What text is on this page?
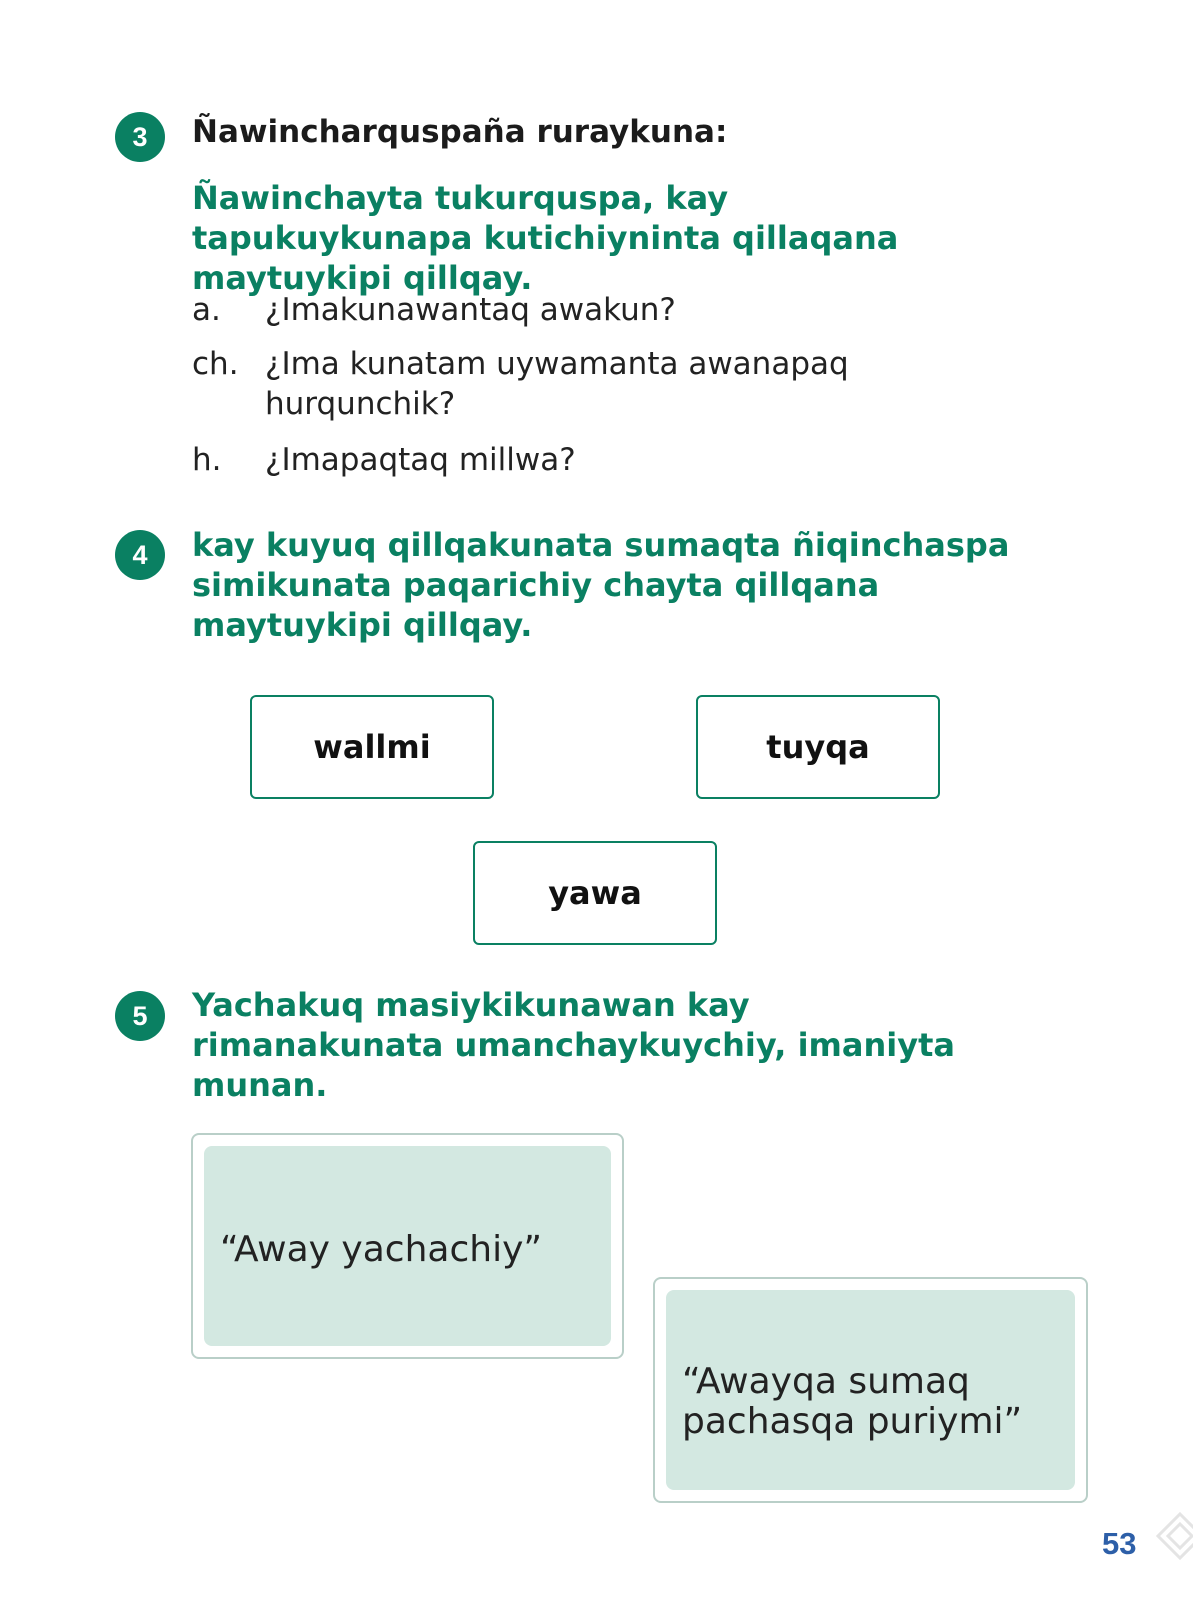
3	Ñawincharquspaña ruraykuna:
Ñawinchayta tukurquspa, kay tapukuykunapa kutichiyninta qillaqana maytuykipi qillqay.
a. ¿Imakunawantaq awakun?
ch. ¿Ima kunatam uywamanta awanapaq hurqunchik?
h. ¿Imapaqtaq millwa?
4	kay kuyuq qillqakunata sumaqta ñiqinchaspa simikunata paqarichiy chayta qillqana maytuykipi qillqay.
wallmi	tuyqa
yawa
5	Yachakuq masiykikunawan kay rimanakunata umanchaykuychiy, imaniyta munan.
“Away yachachiy”
“Awayqa sumaq pachasqa puriymi”
53
